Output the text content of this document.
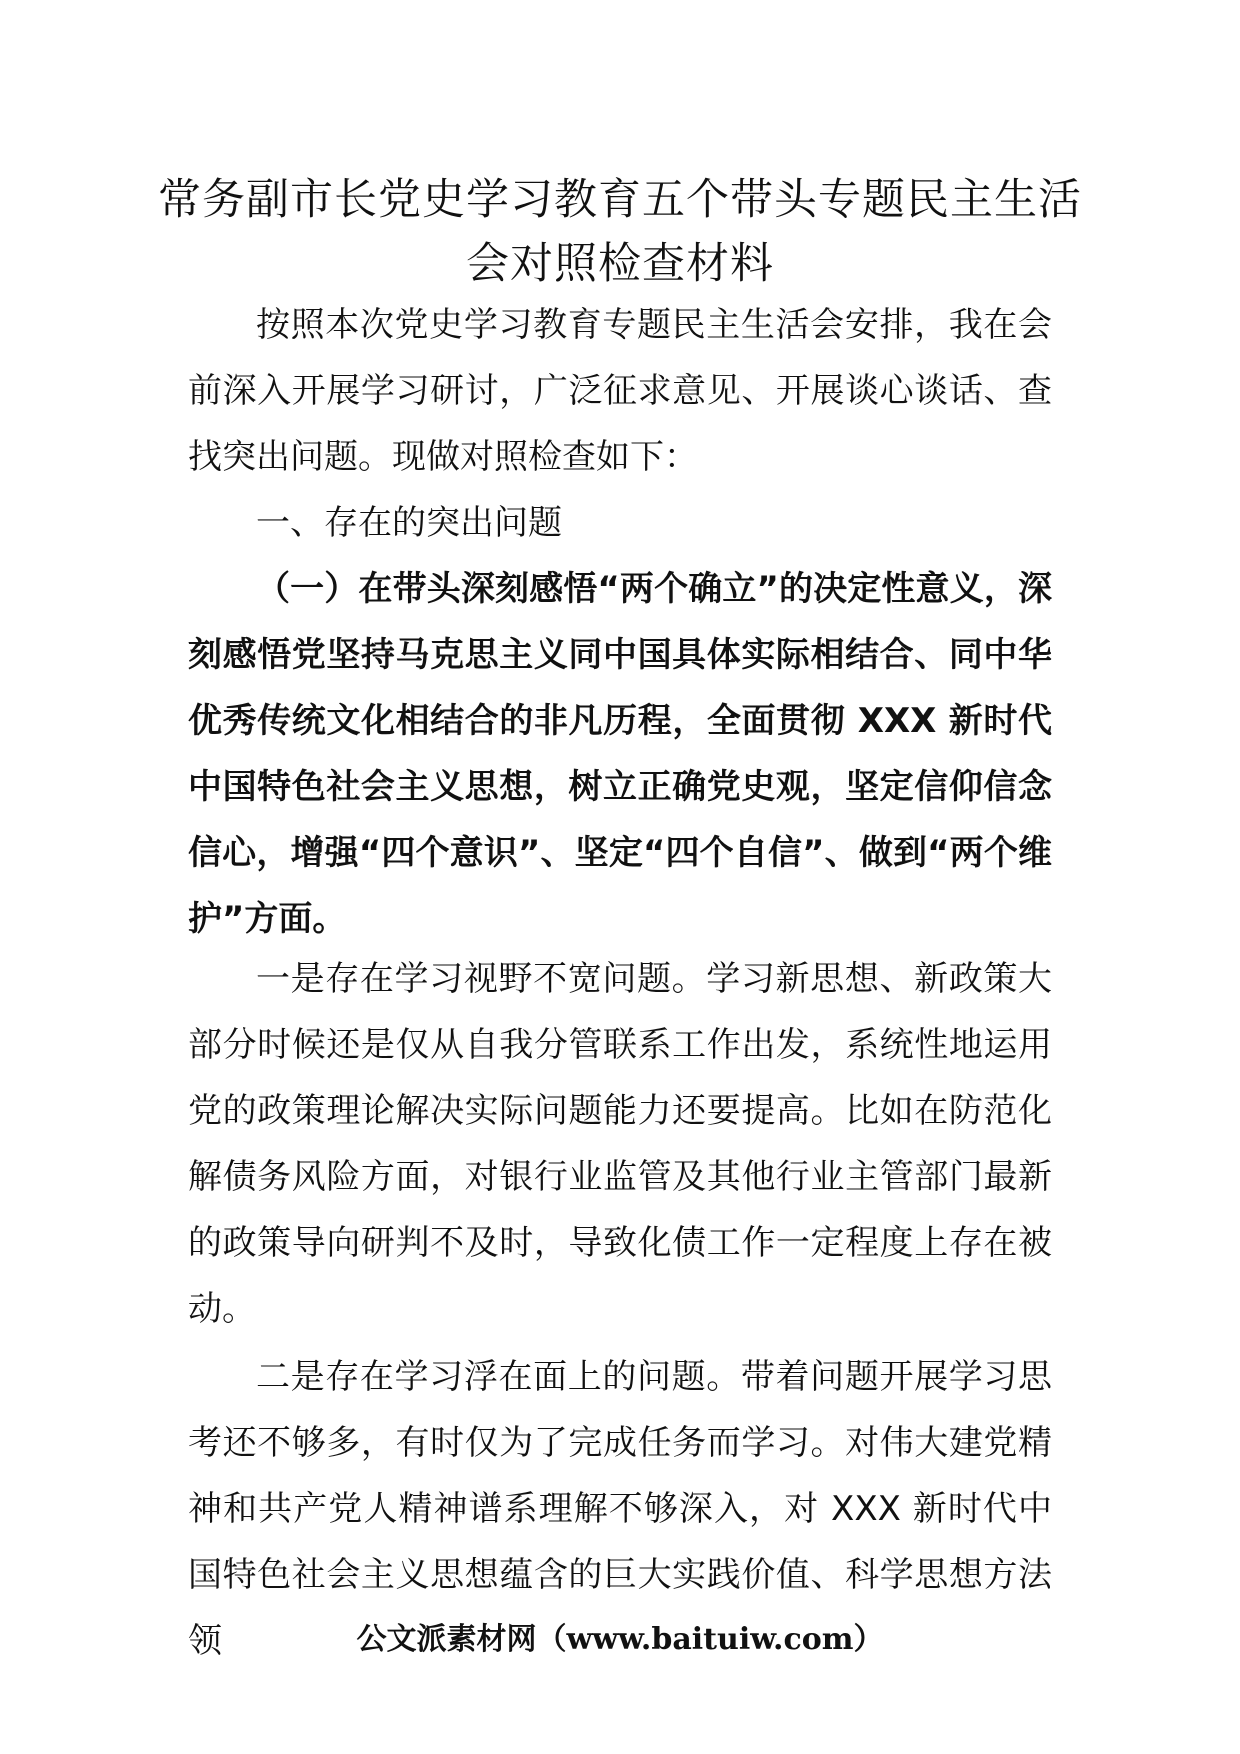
常务副市长党史学习教育五个带头专题民主生活会对照检查材料

按照本次党史学习教育专题民主生活会安排，我在会前深入开展学习研讨，广泛征求意见、开展谈心谈话、查找突出问题。现做对照检查如下：

一、存在的突出问题

（一）在带头深刻感悟“两个确立”的决定性意义，深刻感悟党坚持马克思主义同中国具体实际相结合、同中华优秀传统文化相结合的非凡历程，全面贯彻 XXX 新时代中国特色社会主义思想，树立正确党史观，坚定信仰信念信心，增强“四个意识”、坚定“四个自信”、做到“两个维护”方面。

一是存在学习视野不宽问题。学习新思想、新政策大部分时候还是仅从自我分管联系工作出发，系统性地运用党的政策理论解决实际问题能力还要提高。比如在防范化解债务风险方面，对银行业监管及其他行业主管部门最新的政策导向研判不及时，导致化债工作一定程度上存在被动。

二是存在学习浮在面上的问题。带着问题开展学习思考还不够多，有时仅为了完成任务而学习。对伟大建党精神和共产党人精神谱系理解不够深入，对 XXX 新时代中国特色社会主义思想蕴含的巨大实践价值、科学思想方法领	公文派素材网（www.baituiw.com）
